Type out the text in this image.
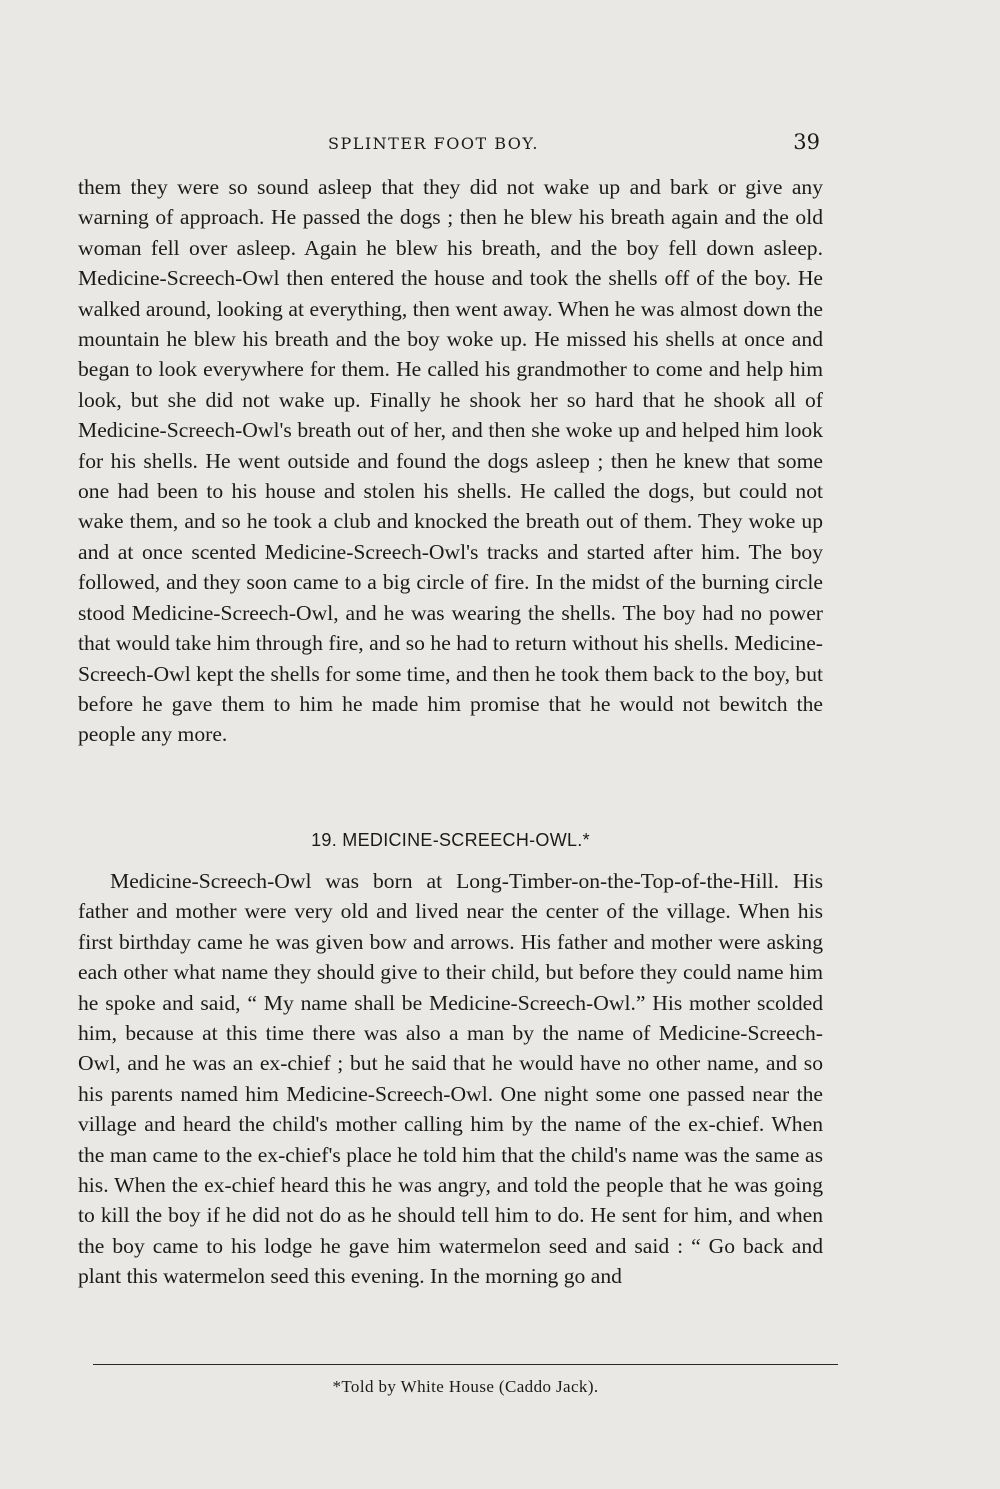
SPLINTER FOOT BOY.	39

them they were so sound asleep that they did not wake up and bark or give any warning of approach. He passed the dogs ; then he blew his breath again and the old woman fell over asleep. Again he blew his breath, and the boy fell down asleep. Medicine-Screech-Owl then entered the house and took the shells off of the boy. He walked around, looking at everything, then went away. When he was almost down the mountain he blew his breath and the boy woke up. He missed his shells at once and began to look everywhere for them. He called his grandmother to come and help him look, but she did not wake up. Finally he shook her so hard that he shook all of Medicine-Screech-Owl's breath out of her, and then she woke up and helped him look for his shells. He went outside and found the dogs asleep ; then he knew that some one had been to his house and stolen his shells. He called the dogs, but could not wake them, and so he took a club and knocked the breath out of them. They woke up and at once scented Medicine-Screech-Owl's tracks and started after him. The boy followed, and they soon came to a big circle of fire. In the midst of the burning circle stood Medicine-Screech-Owl, and he was wearing the shells. The boy had no power that would take him through fire, and so he had to return without his shells. Medicine-Screech-Owl kept the shells for some time, and then he took them back to the boy, but before he gave them to him he made him promise that he would not bewitch the people any more.

19. MEDICINE-SCREECH-OWL.*

Medicine-Screech-Owl was born at Long-Timber-on-the-Top-of-the-Hill. His father and mother were very old and lived near the center of the village. When his first birthday came he was given bow and arrows. His father and mother were asking each other what name they should give to their child, but before they could name him he spoke and said, “ My name shall be Medicine-Screech-Owl.” His mother scolded him, because at this time there was also a man by the name of Medicine-Screech-Owl, and he was an ex-chief ; but he said that he would have no other name, and so his parents named him Medicine-Screech-Owl. One night some one passed near the village and heard the child's mother calling him by the name of the ex-chief. When the man came to the ex-chief's place he told him that the child's name was the same as his. When the ex-chief heard this he was angry, and told the people that he was going to kill the boy if he did not do as he should tell him to do. He sent for him, and when the boy came to his lodge he gave him watermelon seed and said : “ Go back and plant this watermelon seed this evening. In the morning go and

*Told by White House (Caddo Jack).
